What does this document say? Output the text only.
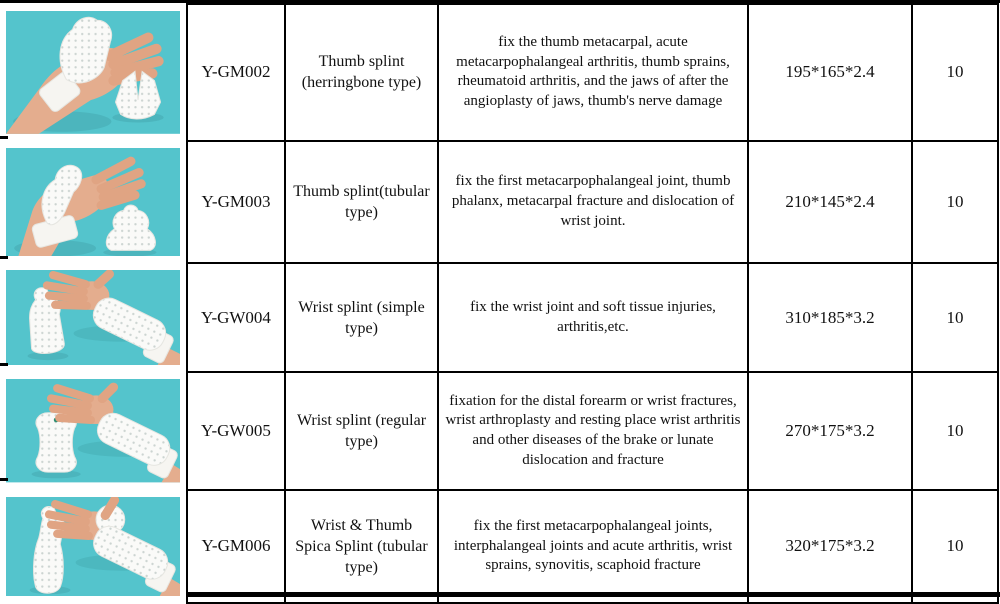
	Y-GM002	Thumb splint (herringbone type)	fix the thumb metacarpal, acute metacarpophalangeal arthritis, thumb sprains, rheumatoid arthritis, and the jaws of after the angioplasty of jaws, thumb's nerve damage	195*165*2.4	10

	Y-GM003	Thumb splint(tubular type)	fix the first metacarpophalangeal joint, thumb phalanx, metacarpal fracture and dislocation of wrist joint.	210*145*2.4	10

	Y-GW004	Wrist splint (simple type)	fix the wrist joint and soft tissue injuries, arthritis,etc.	310*185*3.2	10

	Y-GW005	Wrist splint (regular type)	fixation for the distal forearm or wrist fractures, wrist arthroplasty and resting place wrist arthritis and other diseases of the brake or lunate dislocation and fracture	270*175*3.2	10

	Y-GM006	Wrist & Thumb Spica Splint (tubular type)	fix the first metacarpophalangeal joints, interphalangeal joints and acute arthritis, wrist sprains, synovitis, scaphoid fracture	320*175*3.2	10
